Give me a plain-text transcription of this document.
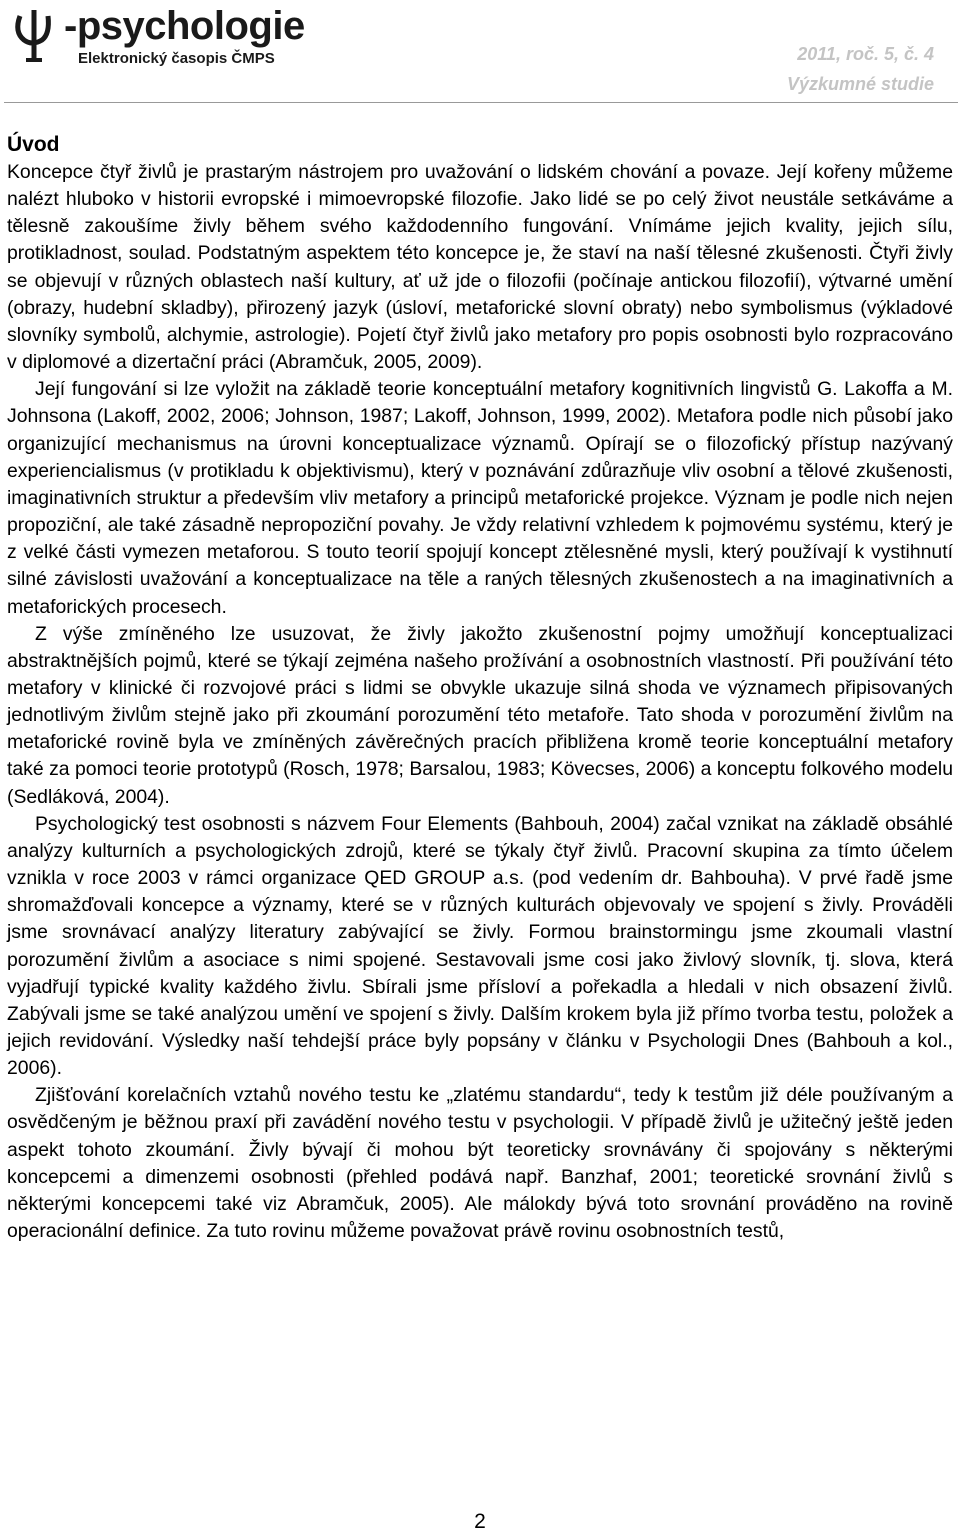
-psychologie
Elektronický časopis ČMPS	2011, roč. 5, č. 4
Výzkumné studie
Úvod

Koncepce čtyř živlů je prastarým nástrojem pro uvažování o lidském chování a povaze. Její kořeny můžeme nalézt hluboko v historii evropské i mimoevropské filozofie. Jako lidé se po celý život neustále setkáváme a tělesně zakoušíme živly během svého každodenního fungování. Vnímáme jejich kvality, jejich sílu, protikladnost, soulad. Podstatným aspektem této koncepce je, že staví na naší tělesné zkušenosti. Čtyři živly se objevují v různých oblastech naší kultury, ať už jde o filozofii (počínaje antickou filozofií), výtvarné umění (obrazy, hudební skladby), přirozený jazyk (úsloví, metaforické slovní obraty) nebo symbolismus (výkladové slovníky symbolů, alchymie, astrologie). Pojetí čtyř živlů jako metafory pro popis osobnosti bylo rozpracováno v diplomové a dizertační práci (Abramčuk, 2005, 2009).

Její fungování si lze vyložit na základě teorie konceptuální metafory kognitivních lingvistů G. Lakoffa a M. Johnsona (Lakoff, 2002, 2006; Johnson, 1987; Lakoff, Johnson, 1999, 2002). Metafora podle nich působí jako organizující mechanismus na úrovni konceptualizace významů. Opírají se o filozofický přístup nazývaný experiencialismus (v protikladu k objektivismu), který v poznávání zdůrazňuje vliv osobní a tělové zkušenosti, imaginativních struktur a především vliv metafory a principů metaforické projekce. Význam je podle nich nejen propoziční, ale také zásadně nepropoziční povahy. Je vždy relativní vzhledem k pojmovému systému, který je z velké části vymezen metaforou. S touto teorií spojují koncept ztělesněné mysli, který používají k vystihnutí silné závislosti uvažování a konceptualizace na těle a raných tělesných zkušenostech a na imaginativních a metaforických procesech.

Z výše zmíněného lze usuzovat, že živly jakožto zkušenostní pojmy umožňují konceptualizaci abstraktnějších pojmů, které se týkají zejména našeho prožívání a osobnostních vlastností. Při používání této metafory v klinické či rozvojové práci s lidmi se obvykle ukazuje silná shoda ve významech připisovaných jednotlivým živlům stejně jako při zkoumání porozumění této metafoře. Tato shoda v porozumění živlům na metaforické rovině byla ve zmíněných závěrečných pracích přibližena kromě teorie konceptuální metafory také za pomoci teorie prototypů (Rosch, 1978; Barsalou, 1983; Kövecses, 2006) a konceptu folkového modelu (Sedláková, 2004).

Psychologický test osobnosti s názvem Four Elements (Bahbouh, 2004) začal vznikat na základě obsáhlé analýzy kulturních a psychologických zdrojů, které se týkaly čtyř živlů. Pracovní skupina za tímto účelem vznikla v roce 2003 v rámci organizace QED GROUP a.s. (pod vedením dr. Bahbouha). V prvé řadě jsme shromažďovali koncepce a významy, které se v různých kulturách objevovaly ve spojení s živly. Prováděli jsme srovnávací analýzy literatury zabývající se živly. Formou brainstormingu jsme zkoumali vlastní porozumění živlům a asociace s nimi spojené. Sestavovali jsme cosi jako živlový slovník, tj. slova, která vyjadřují typické kvality každého živlu. Sbírali jsme přísloví a pořekadla a hledali v nich obsazení živlů. Zabývali jsme se také analýzou umění ve spojení s živly. Dalším krokem byla již přímo tvorba testu, položek a jejich revidování. Výsledky naší tehdejší práce byly popsány v článku v Psychologii Dnes (Bahbouh a kol., 2006).

Zjišťování korelačních vztahů nového testu ke „zlatému standardu“, tedy k testům již déle používaným a osvědčeným je běžnou praxí při zavádění nového testu v psychologii. V případě živlů je užitečný ještě jeden aspekt tohoto zkoumání. Živly bývají či mohou být teoreticky srovnávány či spojovány s některými koncepcemi a dimenzemi osobnosti (přehled podává např. Banzhaf, 2001; teoretické srovnání živlů s některými koncepcemi také viz Abramčuk, 2005). Ale málokdy bývá toto srovnání prováděno na rovině operacionální definice. Za tuto rovinu můžeme považovat právě rovinu osobnostních testů,

2
